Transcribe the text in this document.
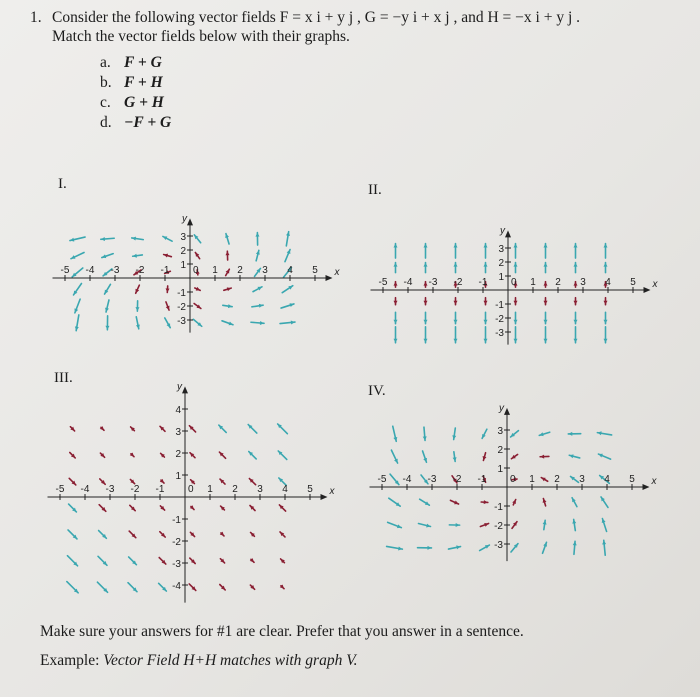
1. Consider the following vector fields F = x i + y j , G = −y i + x j , and H = −x i + y j .
Match the vector fields below with their graphs.
a. F + G
b. F + H
c. G + H
d. −F + G
I.	II.
III.
IV.
x
y
-5 -4 -3 -2 -1 0 1 2 3 4 5
3
2
1
-1
-2
-3
x
y
-5 -4 -3 -2 -1 0 1 2 3 4 5
3
2
1
-1
-2
-3
x
y
-5 -4 -3 -2 -1 0 1 2 3 4 5
4
3
2
1
-1
-2
-3
-4
x
y
-5 -4 -3 -2 -1 0 1 2 3 4 5
3
2
1
-1
-2
-3
Make sure your answers for #1 are clear. Prefer that you answer in a sentence.
Example: Vector Field H+H matches with graph V.
